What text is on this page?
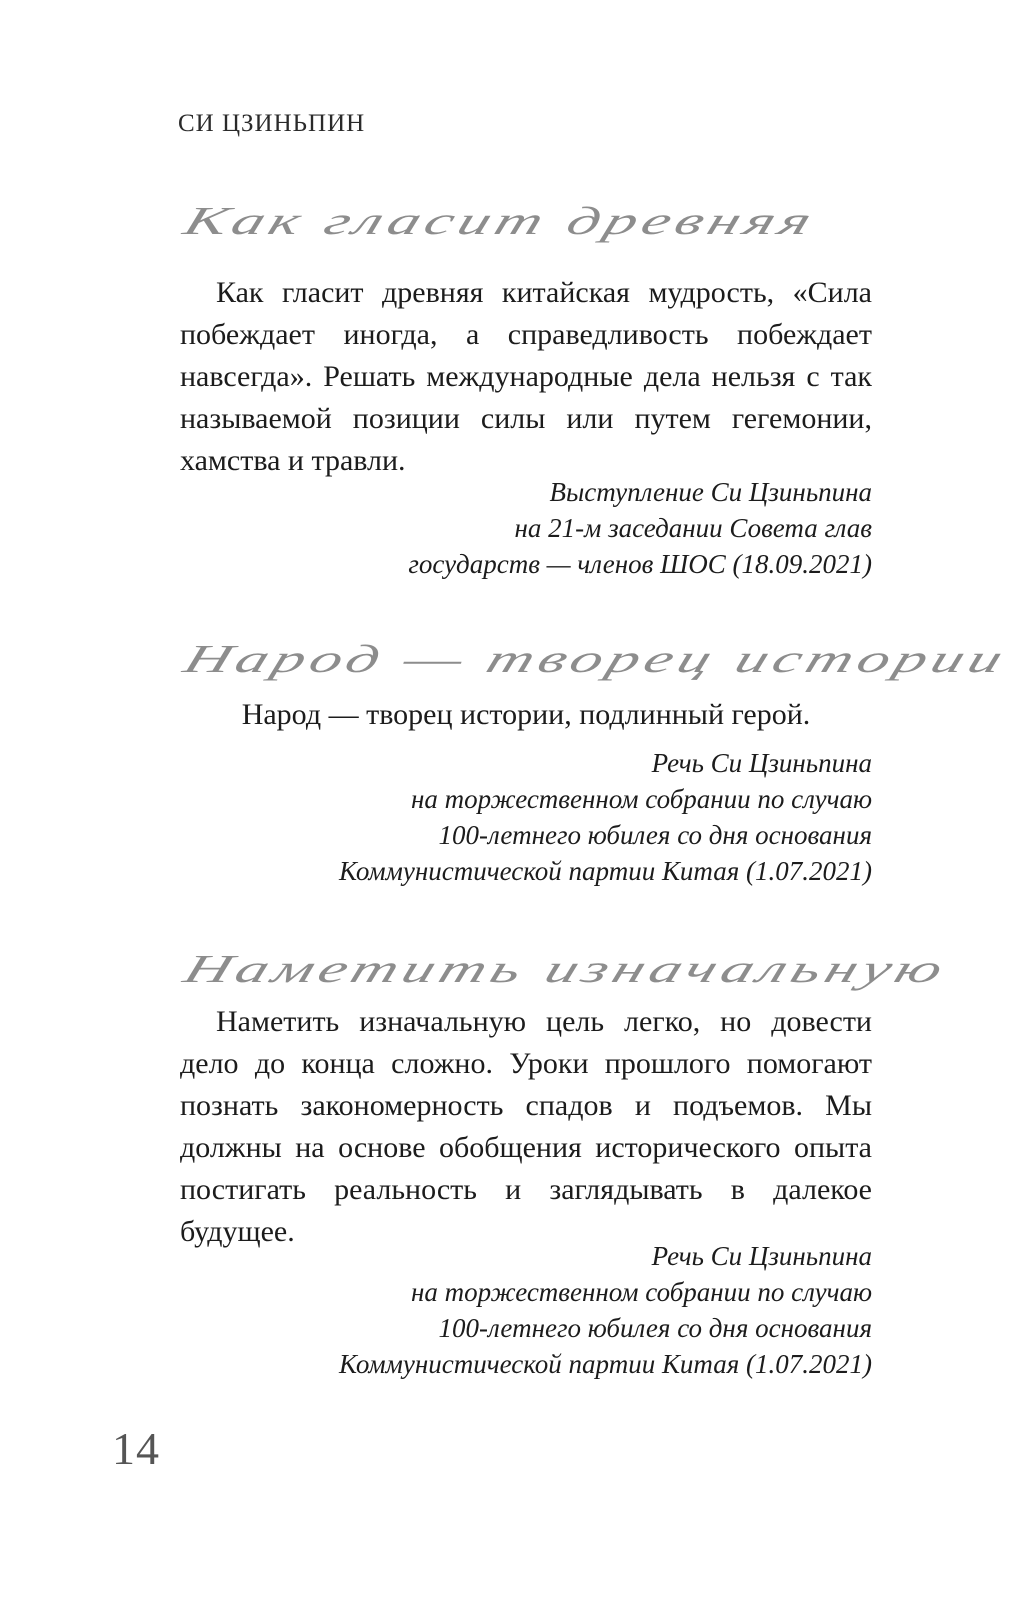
СИ ЦЗИНЬПИН
Как гласит древняя
Как гласит древняя китайская мудрость, «Сила побеждает иногда, а справедливость побеждает навсегда». Решать международные дела нельзя с так называемой позиции силы или путем гегемонии, хамства и травли.
Выступление Си Цзиньпина
на 21-м заседании Совета глав
государств — членов ШОС (18.09.2021)
Народ — творец истории
Народ — творец истории, подлинный герой.
Речь Си Цзиньпина
на торжественном собрании по случаю
100-летнего юбилея со дня основания
Коммунистической партии Китая (1.07.2021)
Наметить изначальную
Наметить изначальную цель легко, но довести дело до конца сложно. Уроки прошлого помогают познать закономерность спадов и подъемов. Мы должны на основе обобщения исторического опыта постигать реальность и заглядывать в далекое будущее.
Речь Си Цзиньпина
на торжественном собрании по случаю
100-летнего юбилея со дня основания
Коммунистической партии Китая (1.07.2021)
14
